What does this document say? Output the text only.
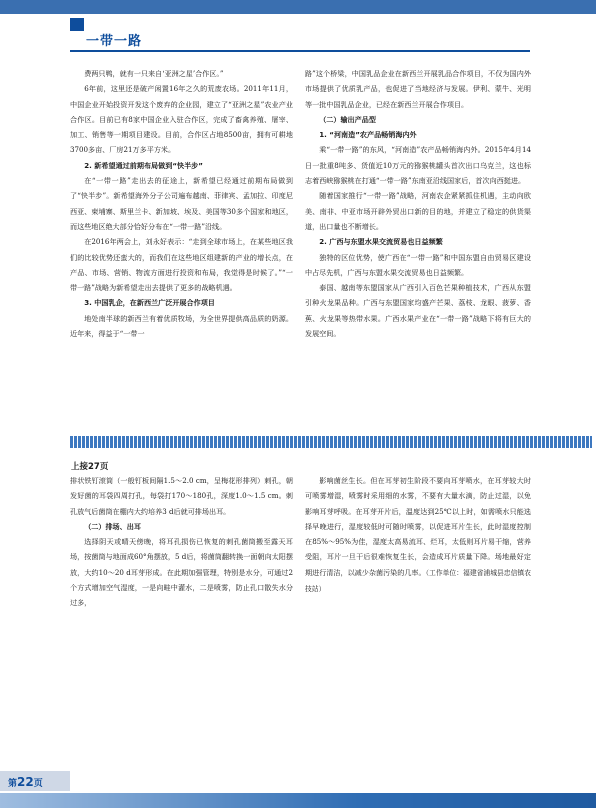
一带一路

费两只鸭，就有一只来自‘亚洲之星’合作区。”

6年前，这里还是破产闲置16年之久的荒废农场。2011年11月，中国企业开始投资开发这个废弃的企业园，建立了“亚洲之星”农业产业合作区。目前已有8家中国企业入驻合作区，完成了畜禽养殖、屠宰、加工、销售等一期项目建设。目前，合作区占地8500亩，拥有可耕地3700多亩、厂房21万多平方米。

2. 新希望通过前期布局做到“快半步”

在“一带一路”走出去的征途上，新希望已经通过前期布局做到了“快半步”。新希望海外分子公司遍布越南、菲律宾、孟加拉、印度尼西亚、柬埔寨、斯里兰卡、新加坡、埃及、美国等30多个国家和地区，而这些地区绝大部分恰好分布在“一带一路”沿线。

在2016年两会上，刘永好表示：“走到全球市场上，在某些地区我们的比较优势还蛮大的，而我们在这些地区组建新的产业的增长点，在产品、市场、营销、物流方面进行投资和布局，我觉得是时候了。”“一带一路”战略为新希望走出去提供了更多的战略机遇。

3. 中国乳企，在新西兰广泛开展合作项目

地处南半球的新西兰有着优质牧场，为全世界提供高品质的奶源。近年来，得益于“一带一

路”这个桥梁，中国乳品企业在新西兰开展乳品合作项目，不仅为国内外市场提供了优质乳产品，也促进了当地经济与发展。伊利、蒙牛、光明等一批中国乳品企业，已经在新西兰开展合作项目。

（二）输出产品型

1. “河南造”农产品畅销海内外

乘“一带一路”的东风，“河南造”农产品畅销海内外。2015年4月14日一批重8吨多、货值近10万元的猕猴桃罐头首次出口乌克兰，这也标志着西峡猕猴桃在打通“一带一路”东南亚沿线国家后，首次向西挺进。

随着国家推行“一带一路”战略，河南农企紧紧抓住机遇，主动向欧美、南非、中亚市场开辟外贸出口新的目的地，并建立了稳定的供货渠道，出口量也不断增长。

2. 广西与东盟水果交流贸易也日益频繁

独特的区位优势，使广西在“一带一路”和中国东盟自由贸易区建设中占尽先机，广西与东盟水果交流贸易也日益频繁。

泰国、越南等东盟国家从广西引入百色芒果种植技术，广西从东盟引种火龙果品种。广西与东盟国家均盛产芒果、荔枝、龙眼、菠萝、香蕉、火龙果等热带水果。广西水果产业在“一带一路”战略下将有巨大的发展空间。

上接27页

排状铁钉滚筒（一般钉板间隔1.5～2.0 cm，呈梅花形排列）刺孔，朝发好菌的耳袋四周打孔，每袋打170～180孔，深度1.0～1.5 cm。刺孔放气后菌筒在棚内大约培养3 d后就可排场出耳。

（二）排场、出耳

选择阴天或晴天傍晚，将耳孔损伤已恢复的刺孔菌筒搬至露天耳场，按菌筒与地面成60°角摆放，5 d后，将菌筒翻转换一面朝向太阳摆放，大约10～20 d耳芽形成。在此期加强管理，特别是水分，可通过2个方式增加空气湿度，一是向畦中灌水，二是喷雾，防止孔口散失水分过多，

影响菌丝生长。但在耳芽初生阶段不要向耳芽喷水，在耳芽较大时可喷雾增湿，喷雾时采用细的水雾，不要有大量水滴，防止过湿，以免影响耳芽呼吸。在耳芽开片后，温度达到25℃以上时，如需喷水只能选择早晚进行，湿度较低时可随时喷雾，以促进耳片生长，此时湿度控制在85%～95%为佳，湿度太高易流耳、烂耳，太低则耳片易干缩，营养受阻，耳片一旦干后很难恢复生长，会造成耳片质量下降。场地最好定期进行清洁，以减少杂菌污染的几率。（工作单位：福建省浦城县忠信镇农技站）

第22页
